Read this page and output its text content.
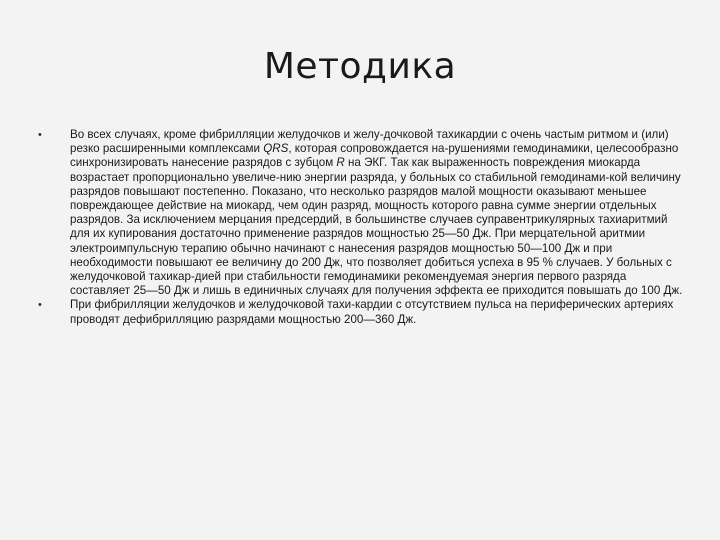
Методика
• Во всех случаях, кроме фибрилляции желудочков и желу-дочковой тахикардии с очень частым ритмом и (или) резко расширенными комплексами QRS, которая сопровождается на-рушениями гемодинамики, целесообразно синхронизировать нанесение разрядов с зубцом R на ЭКГ. Так как выраженность повреждения миокарда возрастает пропорционально увеличе-нию энергии разряда, у больных со стабильной гемодинами-кой величину разрядов повышают постепенно. Показано, что несколько разрядов малой мощности оказывают меньшее повреждающее действие на миокард, чем один разряд, мощность которого равна сумме энергии отдельных разрядов. За исключением мерцания предсердий, в большинстве случаев суправентрикулярных тахиаритмий для их купирования достаточно применение разрядов мощностью 25—50 Дж. При мерцательной аритмии электроимпульсную терапию обычно начинают с нанесения разрядов мощностью 50—100 Дж и при необходимости повышают ее величину до 200 Дж, что позволяет добиться успеха в 95 % случаев. У больных с желудочковой тахикар-дией при стабильности гемодинамики рекомендуемая энергия первого разряда составляет 25—50 Дж и лишь в единичных случаях для получения эффекта ее приходится повышать до 100 Дж.
• При фибрилляции желудочков и желудочковой тахи-кардии с отсутствием пульса на периферических артериях проводят дефибрилляцию разрядами мощностью 200—360 Дж.
